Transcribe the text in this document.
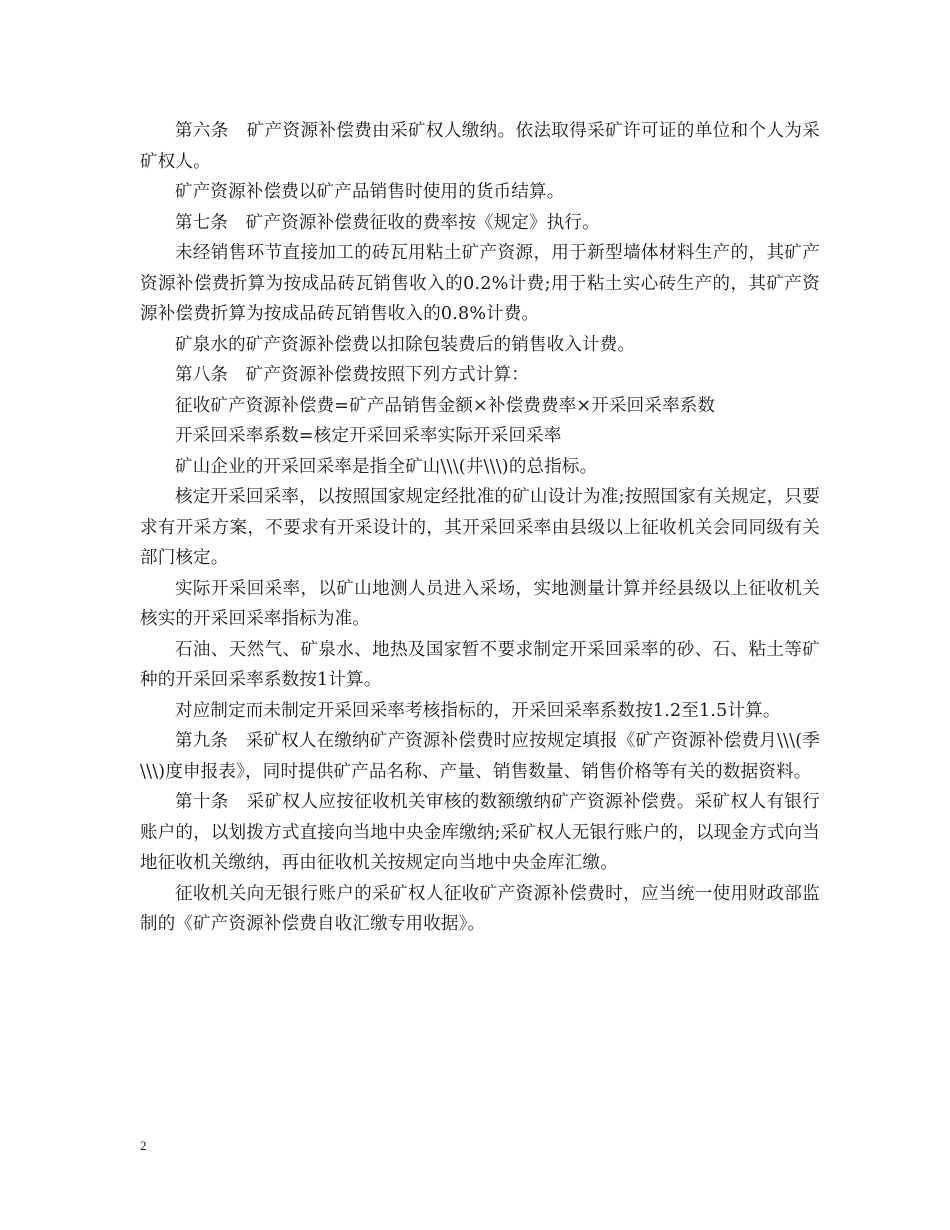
第六条　矿产资源补偿费由采矿权人缴纳。依法取得采矿许可证的单位和个人为采矿权人。

矿产资源补偿费以矿产品销售时使用的货币结算。

第七条　矿产资源补偿费征收的费率按《规定》执行。

未经销售环节直接加工的砖瓦用粘土矿产资源，用于新型墙体材料生产的，其矿产资源补偿费折算为按成品砖瓦销售收入的0.2%计费;用于粘土实心砖生产的，其矿产资源补偿费折算为按成品砖瓦销售收入的0.8%计费。

矿泉水的矿产资源补偿费以扣除包装费后的销售收入计费。

第八条　矿产资源补偿费按照下列方式计算：

征收矿产资源补偿费=矿产品销售金额×补偿费费率×开采回采率系数

开采回采率系数=核定开采回采率实际开采回采率

矿山企业的开采回采率是指全矿山\\\(井\\\)的总指标。

核定开采回采率，以按照国家规定经批准的矿山设计为准;按照国家有关规定，只要求有开采方案，不要求有开采设计的，其开采回采率由县级以上征收机关会同同级有关部门核定。

实际开采回采率，以矿山地测人员进入采场，实地测量计算并经县级以上征收机关核实的开采回采率指标为准。

石油、天然气、矿泉水、地热及国家暂不要求制定开采回采率的砂、石、粘土等矿种的开采回采率系数按1计算。

对应制定而未制定开采回采率考核指标的，开采回采率系数按1.2至1.5计算。

第九条　采矿权人在缴纳矿产资源补偿费时应按规定填报《矿产资源补偿费月\\\(季\\\)度申报表》，同时提供矿产品名称、产量、销售数量、销售价格等有关的数据资料。

第十条　采矿权人应按征收机关审核的数额缴纳矿产资源补偿费。采矿权人有银行账户的，以划拨方式直接向当地中央金库缴纳;采矿权人无银行账户的，以现金方式向当地征收机关缴纳，再由征收机关按规定向当地中央金库汇缴。

征收机关向无银行账户的采矿权人征收矿产资源补偿费时，应当统一使用财政部监制的《矿产资源补偿费自收汇缴专用收据》。

2
